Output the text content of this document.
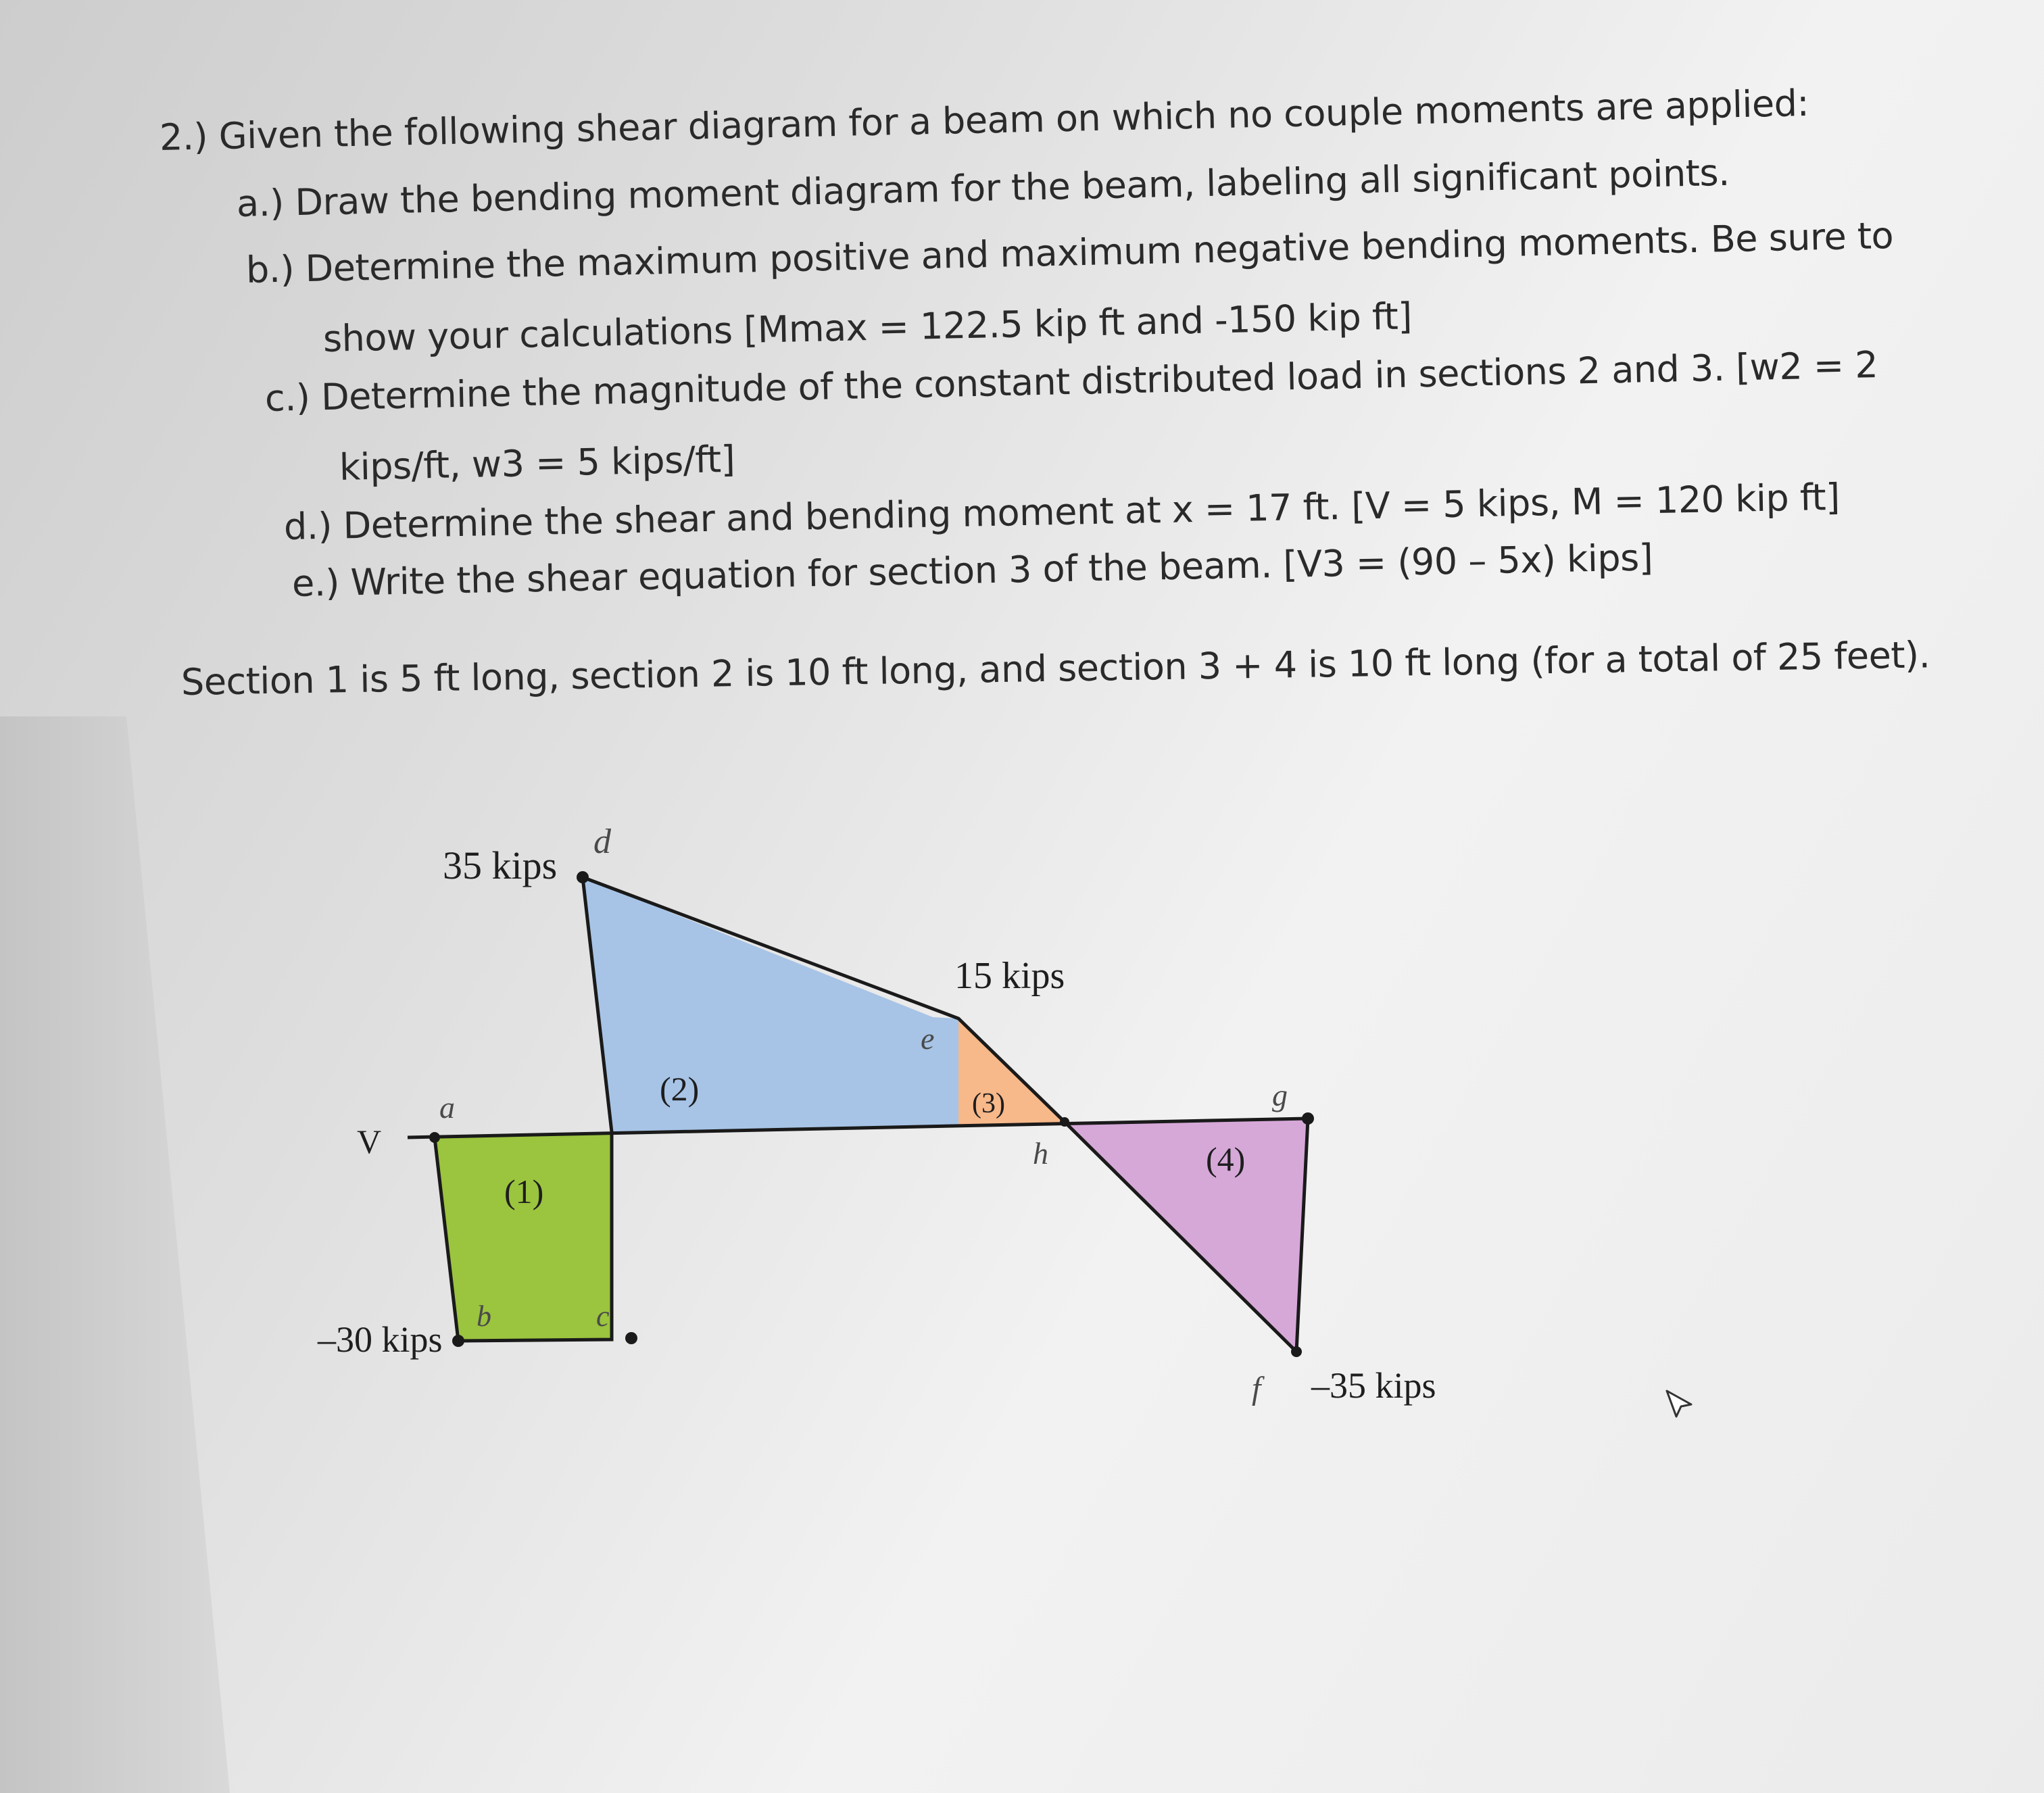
2.) Given the following shear diagram for a beam on which no couple moments are applied:

a.) Draw the bending moment diagram for the beam, labeling all significant points.

b.) Determine the maximum positive and maximum negative bending moments. Be sure to

show your calculations [Mmax = 122.5 kip ft and -150 kip ft]

c.) Determine the magnitude of the constant distributed load in sections 2 and 3. [w2 = 2

kips/ft, w3 = 5 kips/ft]

d.) Determine the shear and bending moment at x = 17 ft. [V = 5 kips, M = 120 kip ft]

e.) Write the shear equation for section 3 of the beam. [V3 = (90 – 5x) kips]

Section 1 is 5 ft long, section 2 is 10 ft long, and section 3 + 4 is 10 ft long (for a total of 25 feet).

V
35 kips
15 kips
–30 kips
–35 kips
a
b	c
d
e
f
g
h
(1)
(2)	(3)
(4)
